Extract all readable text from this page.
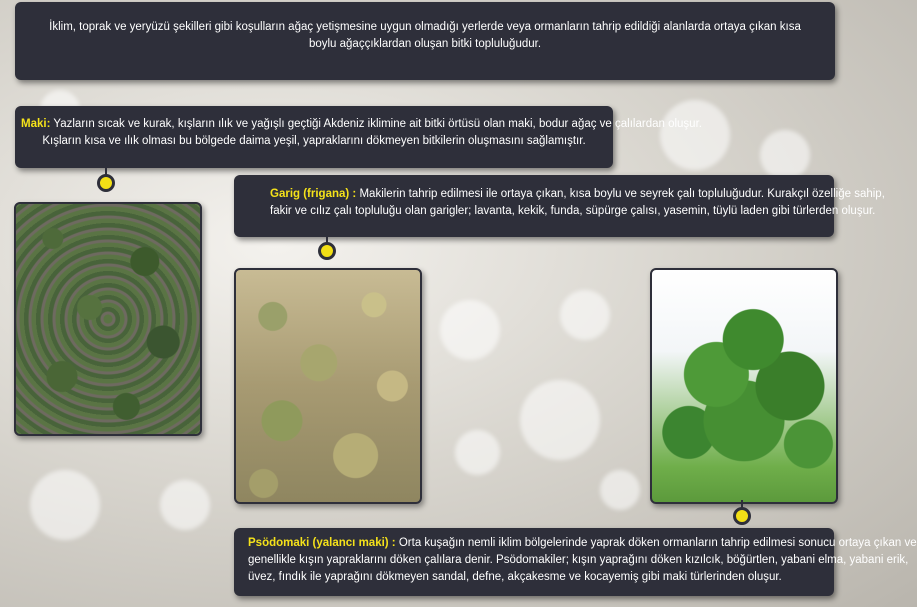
İklim, toprak ve yeryüzü şekilleri gibi koşulların ağaç yetişmesine uygun olmadığı yerlerde veya ormanların tahrip edildiği alanlarda ortaya çıkan kısa boylu ağaççıklardan oluşan bitki topluluğudur.
Maki: Yazların sıcak ve kurak, kışların ılık ve yağışlı geçtiği Akdeniz iklimine ait bitki örtüsü olan maki, bodur ağaç ve çalılardan oluşur.
Kışların kısa ve ılık olması bu bölgede daima yeşil, yapraklarını dökmeyen bitkilerin oluşmasını sağlamıştır.
Garig (frigana) : Makilerin tahrip edilmesi ile ortaya çıkan, kısa boylu ve seyrek çalı topluluğudur. Kurakçıl özelliğe sahip,
fakir ve cılız çalı topluluğu olan garigler; lavanta, kekik, funda, süpürge çalısı, yasemin, tüylü laden gibi türlerden oluşur.
Psödomaki (yalancı maki) : Orta kuşağın nemli iklim bölgelerinde yaprak döken ormanların tahrip edilmesi sonucu ortaya çıkan ve
genellikle kışın yapraklarını döken çalılara denir. Psödomakiler; kışın yaprağını döken kızılcık, böğürtlen, yabani elma, yabani erik,
üvez, fındık ile yaprağını dökmeyen sandal, defne, akçakesme ve kocayemiş gibi maki türlerinden oluşur.
